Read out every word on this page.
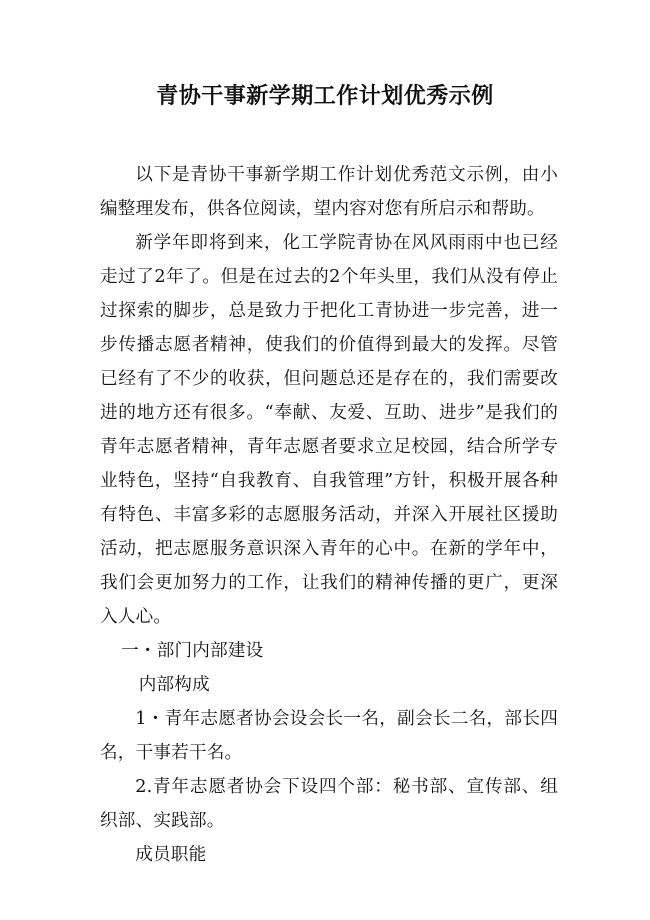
青协干事新学期工作计划优秀示例

以下是青协干事新学期工作计划优秀范文示例，由小编整理发布，供各位阅读，望内容对您有所启示和帮助。

新学年即将到来，化工学院青协在风风雨雨中也已经走过了2年了。但是在过去的2个年头里，我们从没有停止过探索的脚步，总是致力于把化工青协进一步完善，进一步传播志愿者精神，使我们的价值得到最大的发挥。尽管已经有了不少的收获，但问题总还是存在的，我们需要改进的地方还有很多。“奉献、友爱、互助、进步”是我们的青年志愿者精神，青年志愿者要求立足校园，结合所学专业特色，坚持“自我教育、自我管理”方针，积极开展各种有特色、丰富多彩的志愿服务活动，并深入开展社区援助活动，把志愿服务意识深入青年的心中。在新的学年中，我们会更加努力的工作，让我们的精神传播的更广，更深入人心。

一・部门内部建设

内部构成

1・青年志愿者协会设会长一名，副会长二名，部长四名，干事若干名。

2.青年志愿者协会下设四个部：秘书部、宣传部、组织部、实践部。

成员职能
